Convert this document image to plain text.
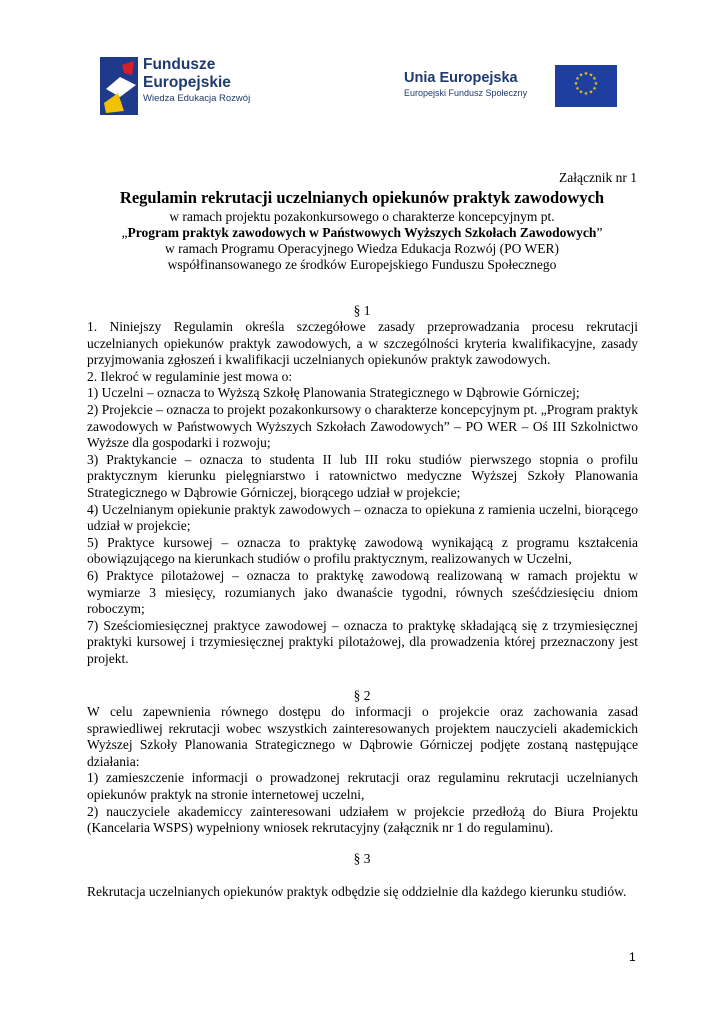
Fundusze
Europejskie
Wiedza Edukacja Rozwój
Unia Europejska
Europejski Fundusz Społeczny
★ ★
★
★
★
★
★
★
★
★
★
★
Załącznik nr 1
Regulamin rekrutacji uczelnianych opiekunów praktyk zawodowych
w ramach projektu pozakonkursowego o charakterze koncepcyjnym pt.
„Program praktyk zawodowych w Państwowych Wyższych Szkołach Zawodowych”
w ramach Programu Operacyjnego Wiedza Edukacja Rozwój (PO WER)
współfinansowanego ze środków Europejskiego Funduszu Społecznego
§ 1

1. Niniejszy Regulamin określa szczegółowe zasady przeprowadzania procesu rekrutacji uczelnianych opiekunów praktyk zawodowych, a w szczególności kryteria kwalifikacyjne, zasady przyjmowania zgłoszeń i kwalifikacji uczelnianych opiekunów praktyk zawodowych.

2. Ilekroć w regulaminie jest mowa o:

1) Uczelni – oznacza to Wyższą Szkołę Planowania Strategicznego w Dąbrowie Górniczej;

2) Projekcie – oznacza to projekt pozakonkursowy o charakterze koncepcyjnym pt. „Program praktyk zawodowych w Państwowych Wyższych Szkołach Zawodowych” – PO WER – Oś III Szkolnictwo Wyższe dla gospodarki i rozwoju;

3) Praktykancie – oznacza to studenta II lub III roku studiów pierwszego stopnia o profilu praktycznym kierunku pielęgniarstwo i ratownictwo medyczne Wyższej Szkoły Planowania Strategicznego w Dąbrowie Górniczej, biorącego udział w projekcie;

4) Uczelnianym opiekunie praktyk zawodowych – oznacza to opiekuna z ramienia uczelni, biorącego udział w projekcie;

5) Praktyce kursowej – oznacza to praktykę zawodową wynikającą z programu kształcenia obowiązującego na kierunkach studiów o profilu praktycznym, realizowanych w Uczelni,

6) Praktyce pilotażowej – oznacza to praktykę zawodową realizowaną w ramach projektu w wymiarze 3 miesięcy, rozumianych jako dwanaście tygodni, równych sześćdziesięciu dniom roboczym;

7) Sześciomiesięcznej praktyce zawodowej – oznacza to praktykę składającą się z trzymiesięcznej praktyki kursowej i trzymiesięcznej praktyki pilotażowej, dla prowadzenia której przeznaczony jest projekt.

§ 2

W celu zapewnienia równego dostępu do informacji o projekcie oraz zachowania zasad sprawiedliwej rekrutacji wobec wszystkich zainteresowanych projektem nauczycieli akademickich Wyższej Szkoły Planowania Strategicznego w Dąbrowie Górniczej podjęte zostaną następujące działania:

1) zamieszczenie informacji o prowadzonej rekrutacji oraz regulaminu rekrutacji uczelnianych opiekunów praktyk na stronie internetowej uczelni,

2) nauczyciele akademiccy zainteresowani udziałem w projekcie przedłożą do Biura Projektu (Kancelaria WSPS) wypełniony wniosek rekrutacyjny (załącznik nr 1 do regulaminu).

§ 3

Rekrutacja uczelnianych opiekunów praktyk odbędzie się oddzielnie dla każdego kierunku studiów.

1
